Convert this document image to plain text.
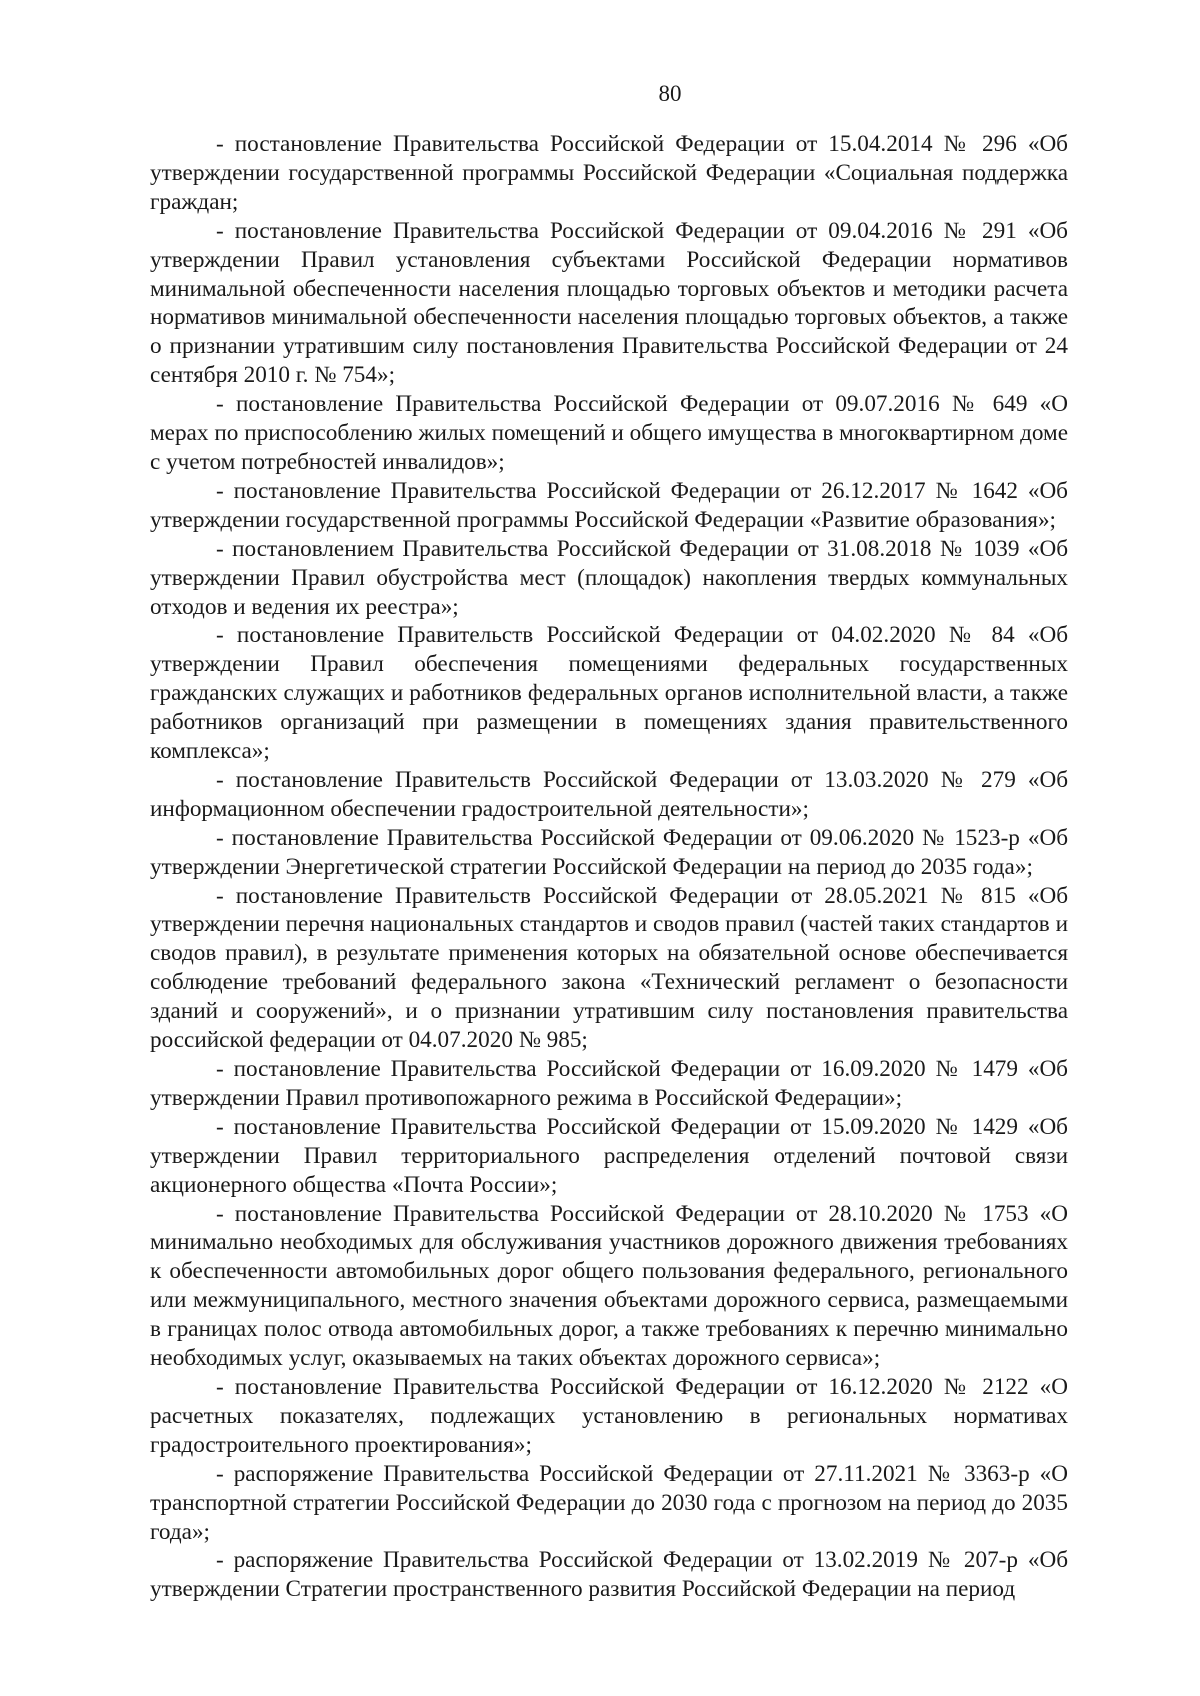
80

- постановление Правительства Российской Федерации от 15.04.2014 № 296 «Об утверждении государственной программы Российской Федерации «Социальная поддержка граждан;

- постановление Правительства Российской Федерации от 09.04.2016 № 291 «Об утверждении Правил установления субъектами Российской Федерации нормативов минимальной обеспеченности населения площадью торговых объектов и методики расчета нормативов минимальной обеспеченности населения площадью торговых объектов, а также о признании утратившим силу постановления Правительства Российской Федерации от 24 сентября 2010 г. № 754»;

- постановление Правительства Российской Федерации от 09.07.2016 № 649 «О мерах по приспособлению жилых помещений и общего имущества в многоквартирном доме с учетом потребностей инвалидов»;

- постановление Правительства Российской Федерации от 26.12.2017 № 1642 «Об утверждении государственной программы Российской Федерации «Развитие образования»;

- постановлением Правительства Российской Федерации от 31.08.2018 № 1039 «Об утверждении Правил обустройства мест (площадок) накопления твердых коммунальных отходов и ведения их реестра»;

- постановление Правительств Российской Федерации от 04.02.2020 № 84 «Об утверждении Правил обеспечения помещениями федеральных государственных гражданских служащих и работников федеральных органов исполнительной власти, а также работников организаций при размещении в помещениях здания правительственного комплекса»;

- постановление Правительств Российской Федерации от 13.03.2020 № 279 «Об информационном обеспечении градостроительной деятельности»;

- постановление Правительства Российской Федерации от 09.06.2020 № 1523-р «Об утверждении Энергетической стратегии Российской Федерации на период до 2035 года»;

- постановление Правительств Российской Федерации от 28.05.2021 № 815 «Об утверждении перечня национальных стандартов и сводов правил (частей таких стандартов и сводов правил), в результате применения которых на обязательной основе обеспечивается соблюдение требований федерального закона «Технический регламент о безопасности зданий и сооружений», и о признании утратившим силу постановления правительства российской федерации от 04.07.2020 № 985;

- постановление Правительства Российской Федерации от 16.09.2020 № 1479 «Об утверждении Правил противопожарного режима в Российской Федерации»;

- постановление Правительства Российской Федерации от 15.09.2020 № 1429 «Об утверждении Правил территориального распределения отделений почтовой связи акционерного общества «Почта России»;

- постановление Правительства Российской Федерации от 28.10.2020 № 1753 «О минимально необходимых для обслуживания участников дорожного движения требованиях к обеспеченности автомобильных дорог общего пользования федерального, регионального или межмуниципального, местного значения объектами дорожного сервиса, размещаемыми в границах полос отвода автомобильных дорог, а также требованиях к перечню минимально необходимых услуг, оказываемых на таких объектах дорожного сервиса»;

- постановление Правительства Российской Федерации от 16.12.2020 № 2122 «О расчетных показателях, подлежащих установлению в региональных нормативах градостроительного проектирования»;

- распоряжение Правительства Российской Федерации от 27.11.2021 № 3363-р «О транспортной стратегии Российской Федерации до 2030 года с прогнозом на период до 2035 года»;

- распоряжение Правительства Российской Федерации от 13.02.2019 № 207-р «Об утверждении Стратегии пространственного развития Российской Федерации на период
